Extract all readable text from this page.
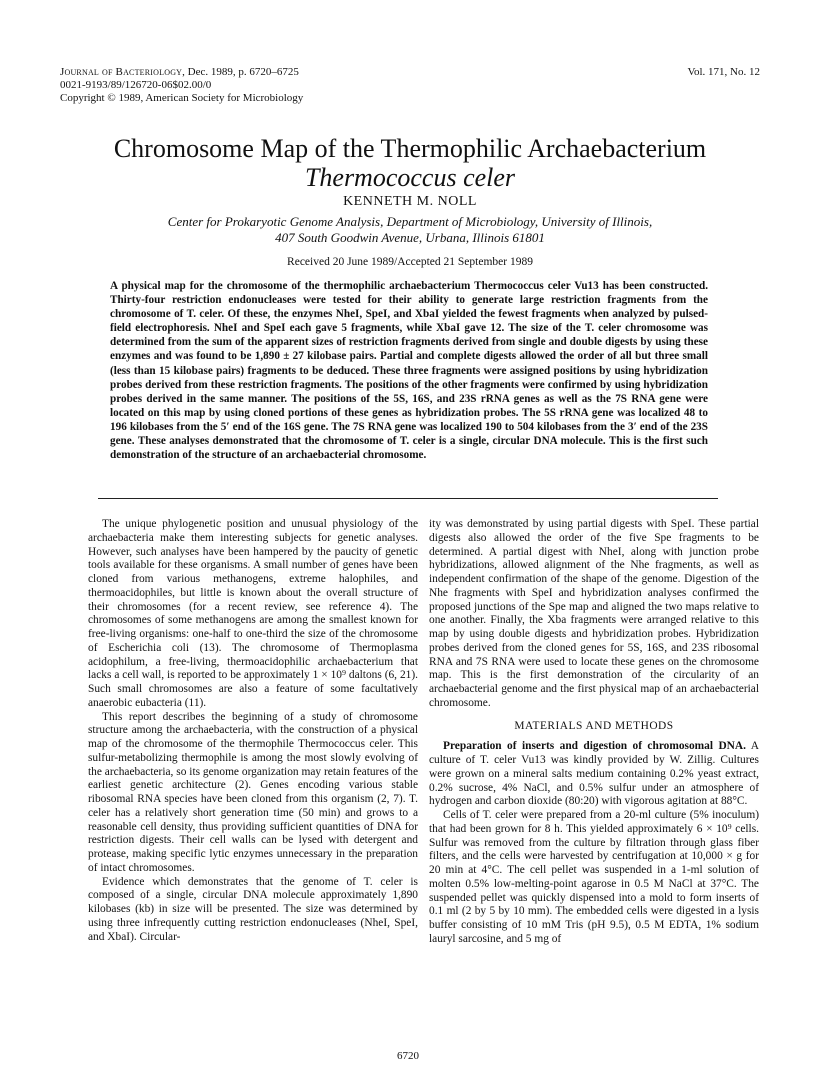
Journal of Bacteriology, Dec. 1989, p. 6720–6725
0021-9193/89/126720-06$02.00/0
Copyright © 1989, American Society for Microbiology
Vol. 171, No. 12
Chromosome Map of the Thermophilic Archaebacterium
Thermococcus celer
KENNETH M. NOLL
Center for Prokaryotic Genome Analysis, Department of Microbiology, University of Illinois,
407 South Goodwin Avenue, Urbana, Illinois 61801
Received 20 June 1989/Accepted 21 September 1989
A physical map for the chromosome of the thermophilic archaebacterium Thermococcus celer Vu13 has been constructed. Thirty-four restriction endonucleases were tested for their ability to generate large restriction fragments from the chromosome of T. celer. Of these, the enzymes NheI, SpeI, and XbaI yielded the fewest fragments when analyzed by pulsed-field electrophoresis. NheI and SpeI each gave 5 fragments, while XbaI gave 12. The size of the T. celer chromosome was determined from the sum of the apparent sizes of restriction fragments derived from single and double digests by using these enzymes and was found to be 1,890 ± 27 kilobase pairs. Partial and complete digests allowed the order of all but three small (less than 15 kilobase pairs) fragments to be deduced. These three fragments were assigned positions by using hybridization probes derived from these restriction fragments. The positions of the other fragments were confirmed by using hybridization probes derived in the same manner. The positions of the 5S, 16S, and 23S rRNA genes as well as the 7S RNA gene were located on this map by using cloned portions of these genes as hybridization probes. The 5S rRNA gene was localized 48 to 196 kilobases from the 5′ end of the 16S gene. The 7S RNA gene was localized 190 to 504 kilobases from the 3′ end of the 23S gene. These analyses demonstrated that the chromosome of T. celer is a single, circular DNA molecule. This is the first such demonstration of the structure of an archaebacterial chromosome.

The unique phylogenetic position and unusual physiology of the archaebacteria make them interesting subjects for genetic analyses. However, such analyses have been hampered by the paucity of genetic tools available for these organisms. A small number of genes have been cloned from various methanogens, extreme halophiles, and thermoacidophiles, but little is known about the overall structure of their chromosomes (for a recent review, see reference 4). The chromosomes of some methanogens are among the smallest known for free-living organisms: one-half to one-third the size of the chromosome of Escherichia coli (13). The chromosome of Thermoplasma acidophilum, a free-living, thermoacidophilic archaebacterium that lacks a cell wall, is reported to be approximately 1 × 10⁹ daltons (6, 21). Such small chromosomes are also a feature of some facultatively anaerobic eubacteria (11).

This report describes the beginning of a study of chromosome structure among the archaebacteria, with the construction of a physical map of the chromosome of the thermophile Thermococcus celer. This sulfur-metabolizing thermophile is among the most slowly evolving of the archaebacteria, so its genome organization may retain features of the earliest genetic architecture (2). Genes encoding various stable ribosomal RNA species have been cloned from this organism (2, 7). T. celer has a relatively short generation time (50 min) and grows to a reasonable cell density, thus providing sufficient quantities of DNA for restriction digests. Their cell walls can be lysed with detergent and protease, making specific lytic enzymes unnecessary in the preparation of intact chromosomes.

Evidence which demonstrates that the genome of T. celer is composed of a single, circular DNA molecule approximately 1,890 kilobases (kb) in size will be presented. The size was determined by using three infrequently cutting restriction endonucleases (NheI, SpeI, and XbaI). Circular-

ity was demonstrated by using partial digests with SpeI. These partial digests also allowed the order of the five Spe fragments to be determined. A partial digest with NheI, along with junction probe hybridizations, allowed alignment of the Nhe fragments, as well as independent confirmation of the shape of the genome. Digestion of the Nhe fragments with SpeI and hybridization analyses confirmed the proposed junctions of the Spe map and aligned the two maps relative to one another. Finally, the Xba fragments were arranged relative to this map by using double digests and hybridization probes. Hybridization probes derived from the cloned genes for 5S, 16S, and 23S ribosomal RNA and 7S RNA were used to locate these genes on the chromosome map. This is the first demonstration of the circularity of an archaebacterial genome and the first physical map of an archaebacterial chromosome.

MATERIALS AND METHODS

Preparation of inserts and digestion of chromosomal DNA. A culture of T. celer Vu13 was kindly provided by W. Zillig. Cultures were grown on a mineral salts medium containing 0.2% yeast extract, 0.2% sucrose, 4% NaCl, and 0.5% sulfur under an atmosphere of hydrogen and carbon dioxide (80:20) with vigorous agitation at 88°C.

Cells of T. celer were prepared from a 20-ml culture (5% inoculum) that had been grown for 8 h. This yielded approximately 6 × 10⁹ cells. Sulfur was removed from the culture by filtration through glass fiber filters, and the cells were harvested by centrifugation at 10,000 × g for 20 min at 4°C. The cell pellet was suspended in a 1-ml solution of molten 0.5% low-melting-point agarose in 0.5 M NaCl at 37°C. The suspended pellet was quickly dispensed into a mold to form inserts of 0.1 ml (2 by 5 by 10 mm). The embedded cells were digested in a lysis buffer consisting of 10 mM Tris (pH 9.5), 0.5 M EDTA, 1% sodium lauryl sarcosine, and 5 mg of

6720
